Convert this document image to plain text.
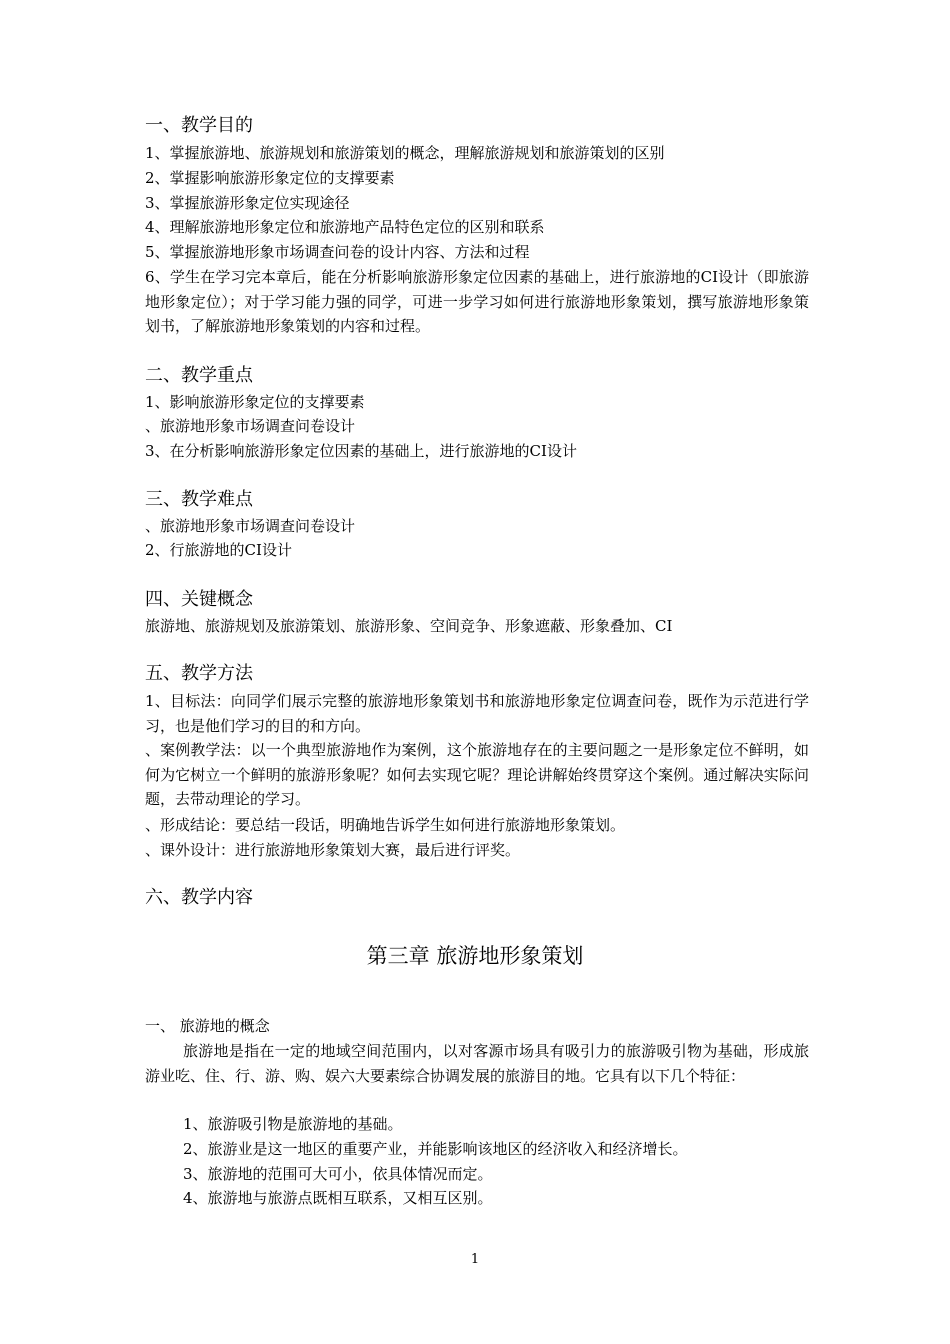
一、教学目的
1、掌握旅游地、旅游规划和旅游策划的概念，理解旅游规划和旅游策划的区别
2、掌握影响旅游形象定位的支撑要素
3、掌握旅游形象定位实现途径
4、理解旅游地形象定位和旅游地产品特色定位的区别和联系
5、掌握旅游地形象市场调查问卷的设计内容、方法和过程
6、学生在学习完本章后，能在分析影响旅游形象定位因素的基础上，进行旅游地的CI设计（即旅游地形象定位）；对于学习能力强的同学，可进一步学习如何进行旅游地形象策划，撰写旅游地形象策划书，了解旅游地形象策划的内容和过程。
二、教学重点
1、影响旅游形象定位的支撑要素
、旅游地形象市场调查问卷设计
3、在分析影响旅游形象定位因素的基础上，进行旅游地的CI设计
三、教学难点
、旅游地形象市场调查问卷设计
2、行旅游地的CI设计
四、关键概念
旅游地、旅游规划及旅游策划、旅游形象、空间竞争、形象遮蔽、形象叠加、CI
五、教学方法
1、目标法：向同学们展示完整的旅游地形象策划书和旅游地形象定位调查问卷，既作为示范进行学习，也是他们学习的目的和方向。
、案例教学法：以一个典型旅游地作为案例，这个旅游地存在的主要问题之一是形象定位不鲜明，如何为它树立一个鲜明的旅游形象呢？如何去实现它呢？理论讲解始终贯穿这个案例。通过解决实际问题，去带动理论的学习。
、形成结论：要总结一段话，明确地告诉学生如何进行旅游地形象策划。
、课外设计：进行旅游地形象策划大赛，最后进行评奖。
六、教学内容
第三章 旅游地形象策划
一、 旅游地的概念
旅游地是指在一定的地域空间范围内，以对客源市场具有吸引力的旅游吸引物为基础，形成旅游业吃、住、行、游、购、娱六大要素综合协调发展的旅游目的地。它具有以下几个特征：
1、旅游吸引物是旅游地的基础。
2、旅游业是这一地区的重要产业，并能影响该地区的经济收入和经济增长。
3、旅游地的范围可大可小，依具体情况而定。
4、旅游地与旅游点既相互联系，又相互区别。
1
